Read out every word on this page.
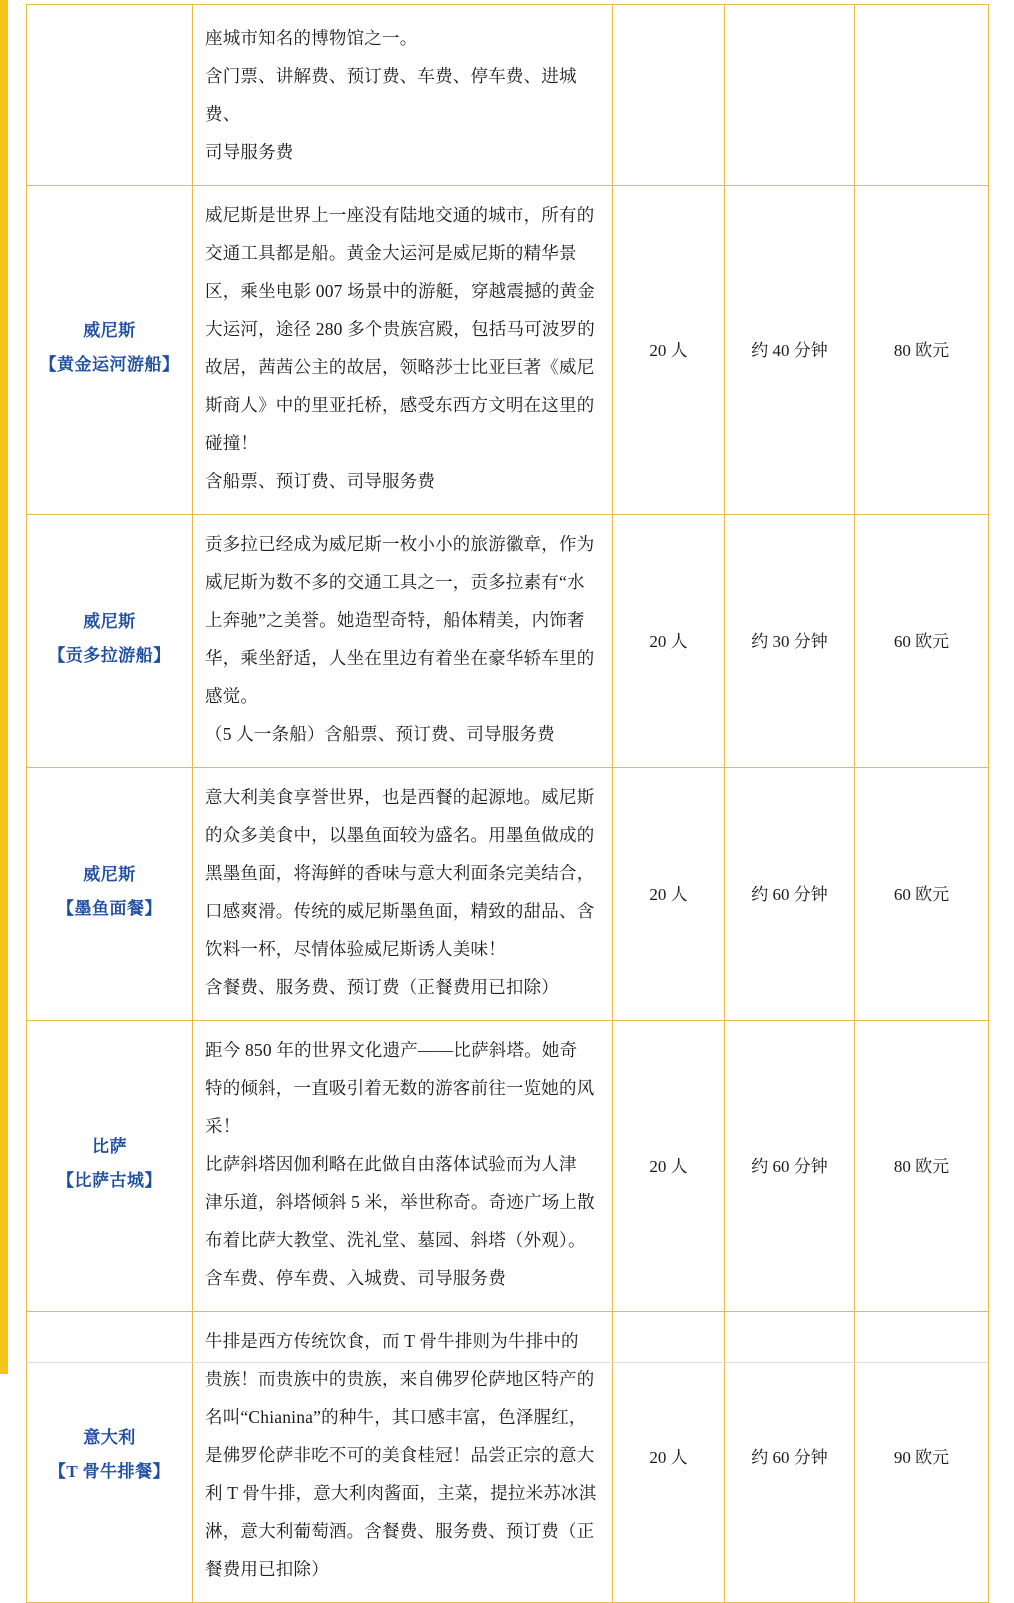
	座城市知名的博物馆之一。

含门票、讲解费、预订费、车费、停车费、进城费、

司导服务费			

威尼斯
【黄金运河游船】

威尼斯是世界上一座没有陆地交通的城市，所有的

交通工具都是船。黄金大运河是威尼斯的精华景

区，乘坐电影 007 场景中的游艇，穿越震撼的黄金

大运河，途径 280 多个贵族宫殿，包括马可波罗的

故居，茜茜公主的故居，领略莎士比亚巨著《威尼

斯商人》中的里亚托桥，感受东西方文明在这里的

碰撞！

含船票、预订费、司导服务费

	20 人	约 40 分钟	80 欧元

威尼斯
【贡多拉游船】

贡多拉已经成为威尼斯一枚小小的旅游徽章，作为

威尼斯为数不多的交通工具之一，贡多拉素有“水

上奔驰”之美誉。她造型奇特，船体精美，内饰奢

华，乘坐舒适，人坐在里边有着坐在豪华轿车里的

感觉。

（5 人一条船）含船票、预订费、司导服务费

	20 人	约 30 分钟	60 欧元

威尼斯
【墨鱼面餐】

意大利美食享誉世界，也是西餐的起源地。威尼斯

的众多美食中，以墨鱼面较为盛名。用墨鱼做成的

黑墨鱼面，将海鲜的香味与意大利面条完美结合，

口感爽滑。传统的威尼斯墨鱼面，精致的甜品、含

饮料一杯，尽情体验威尼斯诱人美味！

含餐费、服务费、预订费（正餐费用已扣除）

	20 人	约 60 分钟	60 欧元

比萨
【比萨古城】

距今 850 年的世界文化遗产——比萨斜塔。她奇

特的倾斜，一直吸引着无数的游客前往一览她的风

采！

比萨斜塔因伽利略在此做自由落体试验而为人津

津乐道，斜塔倾斜 5 米，举世称奇。奇迹广场上散

布着比萨大教堂、洗礼堂、墓园、斜塔（外观）。

含车费、停车费、入城费、司导服务费

	20 人	约 60 分钟	80 欧元

意大利
【T 骨牛排餐】

牛排是西方传统饮食，而 T 骨牛排则为牛排中的

贵族！而贵族中的贵族，来自佛罗伦萨地区特产的

名叫“Chianina”的种牛，其口感丰富，色泽腥红，

是佛罗伦萨非吃不可的美食桂冠！品尝正宗的意大

利 T 骨牛排，意大利肉酱面，主菜，提拉米苏冰淇

淋，意大利葡萄酒。含餐费、服务费、预订费（正

餐费用已扣除）

	20 人	约 60 分钟	90 欧元
